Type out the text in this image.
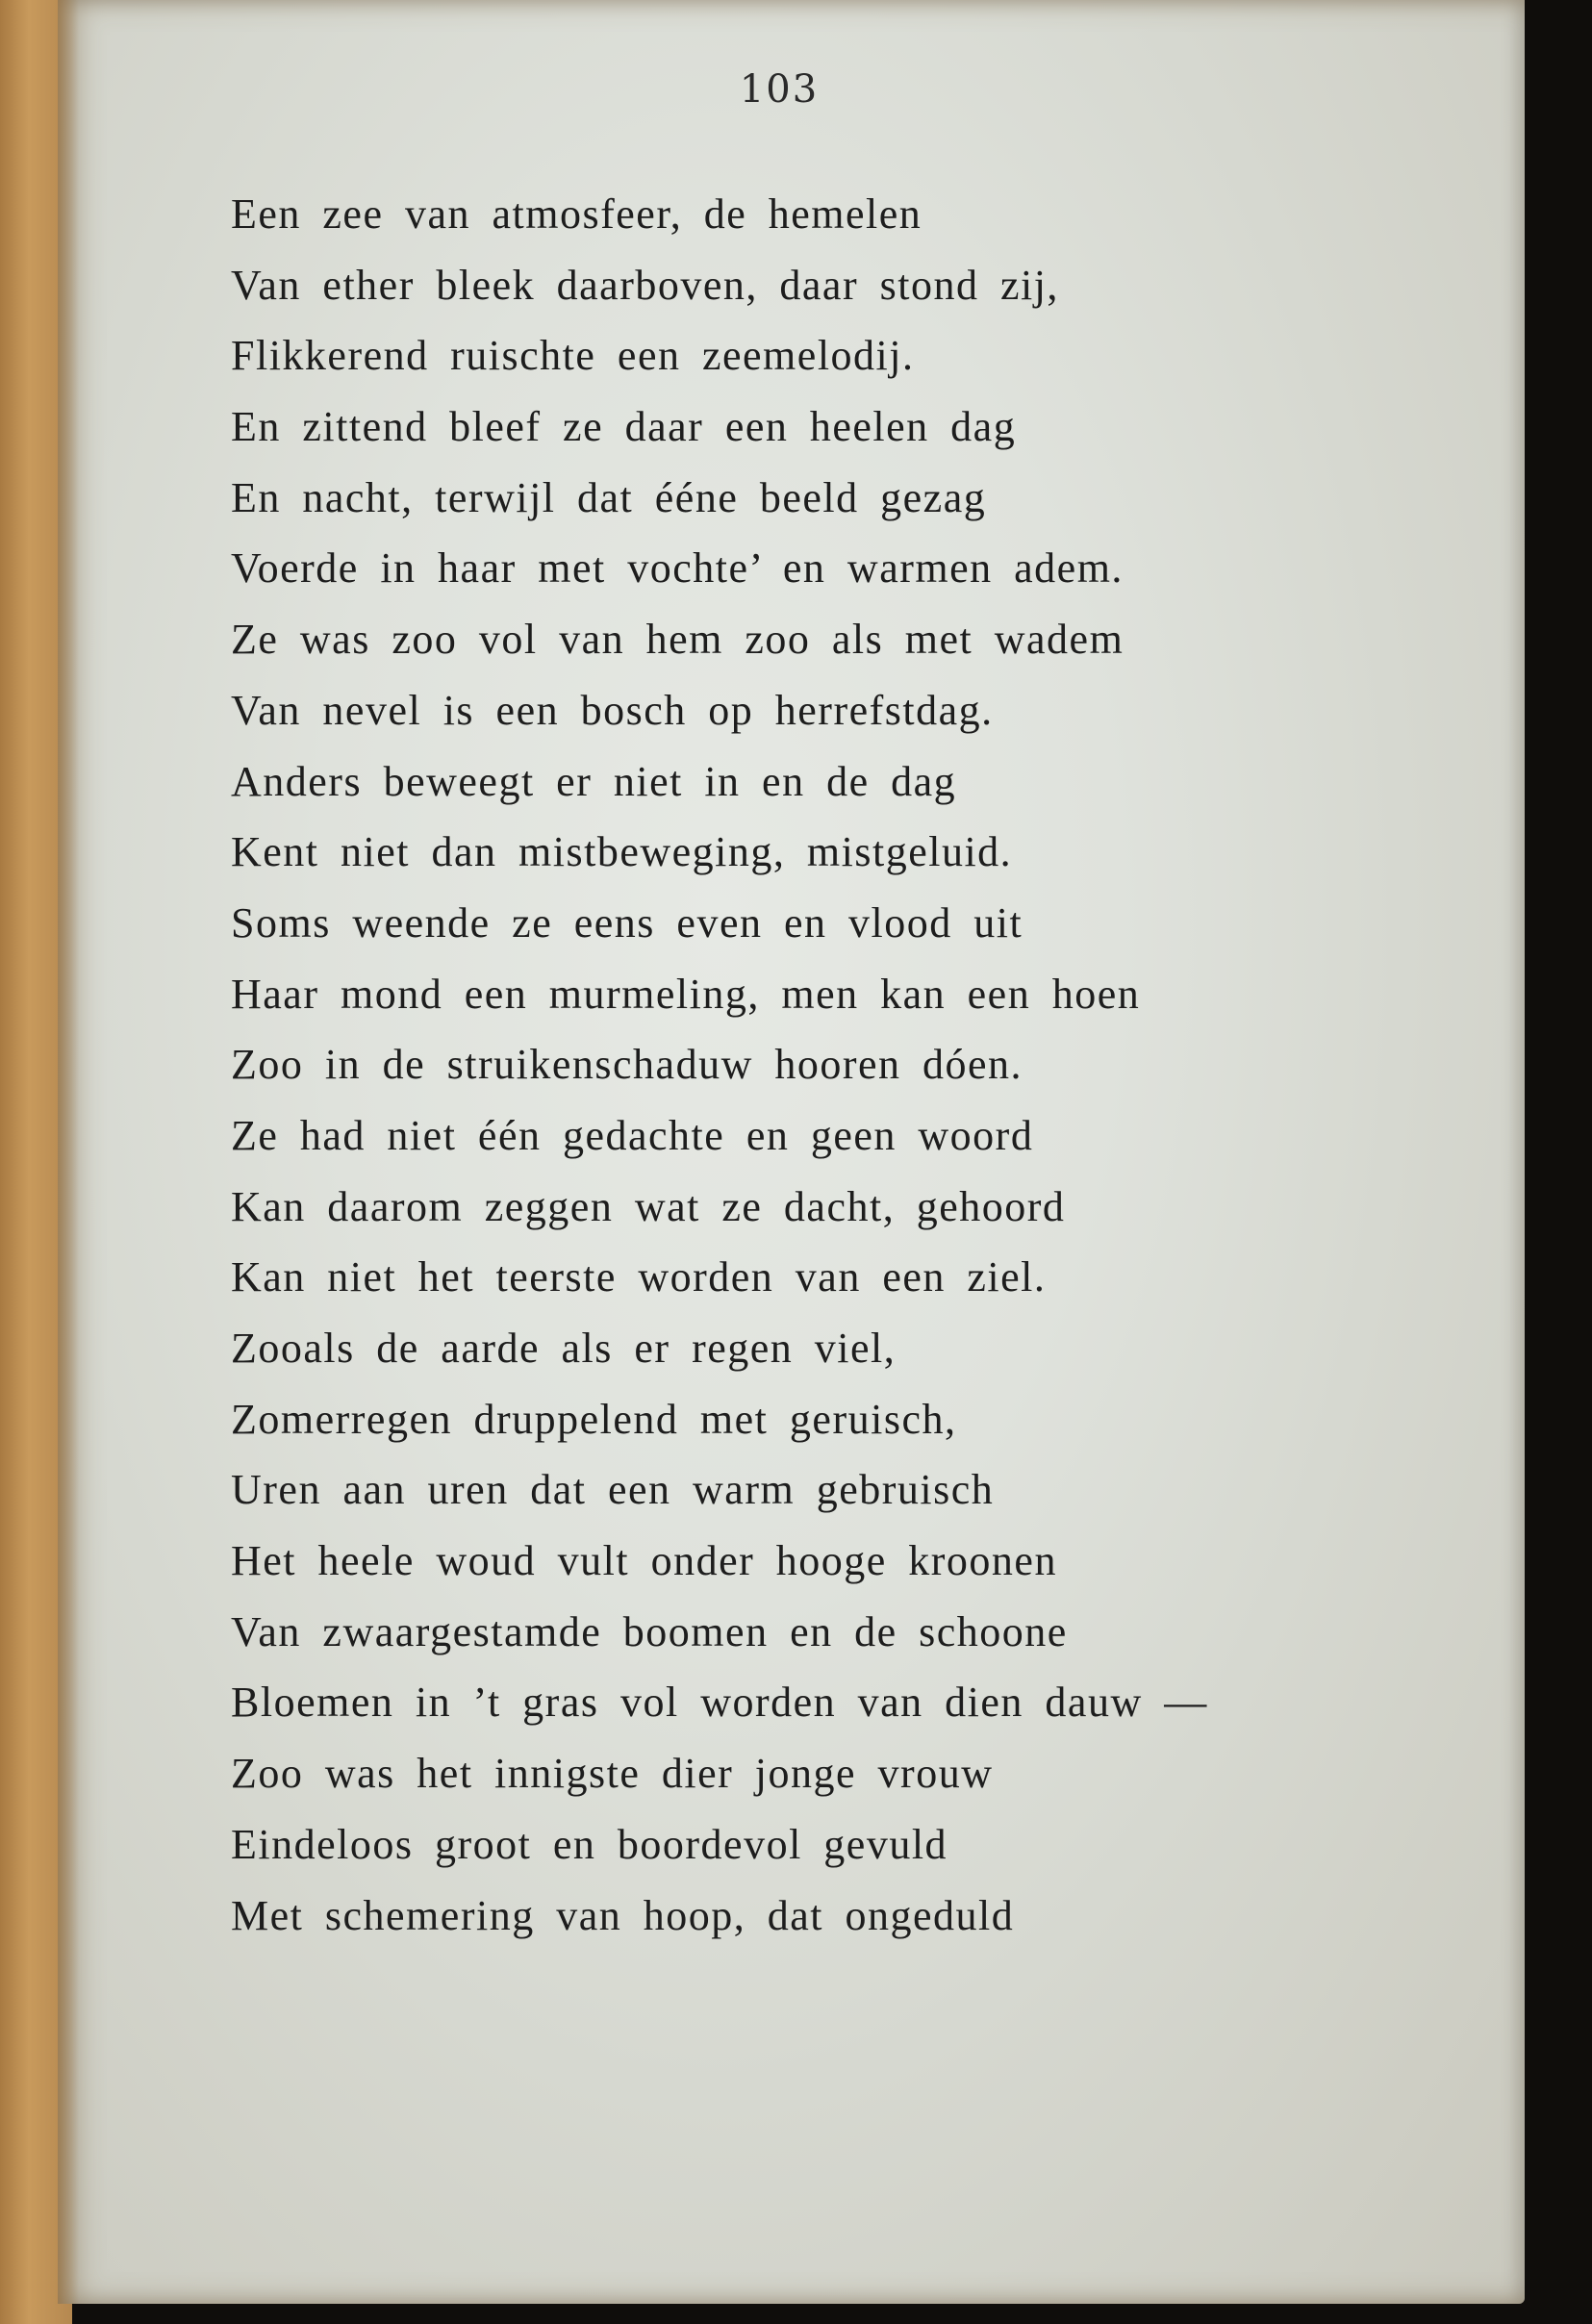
103
Een zee van atmosfeer, de hemelen
Van ether bleek daarboven, daar stond zij,
Flikkerend ruischte een zeemelodij.
En zittend bleef ze daar een heelen dag
En nacht, terwijl dat ééne beeld gezag
Voerde in haar met vochte’ en warmen adem.
Ze was zoo vol van hem zoo als met wadem
Van nevel is een bosch op herrefstdag.
Anders beweegt er niet in en de dag
Kent niet dan mistbeweging, mistgeluid.
Soms weende ze eens even en vlood uit
Haar mond een murmeling, men kan een hoen
Zoo in de struikenschaduw hooren dóen.
Ze had niet één gedachte en geen woord
Kan daarom zeggen wat ze dacht, gehoord
Kan niet het teerste worden van een ziel.
Zooals de aarde als er regen viel,
Zomerregen druppelend met geruisch,
Uren aan uren dat een warm gebruisch
Het heele woud vult onder hooge kroonen
Van zwaargestamde boomen en de schoone
Bloemen in ’t gras vol worden van dien dauw —
Zoo was het innigste dier jonge vrouw
Eindeloos groot en boordevol gevuld
Met schemering van hoop, dat ongeduld
